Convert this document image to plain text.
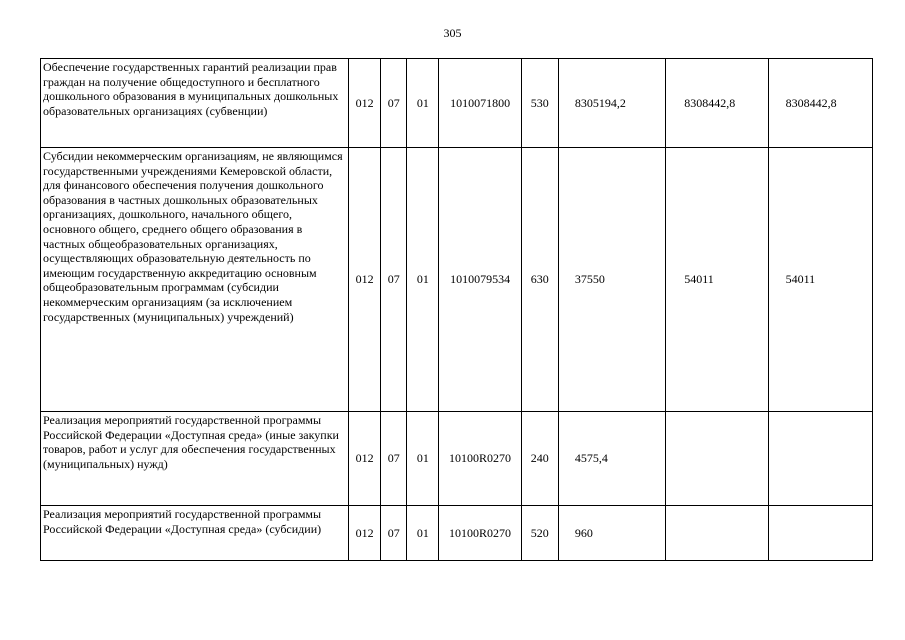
305
Обеспечение государственных гарантий реализации прав граждан на получение общедоступного и бесплатного дошкольного образования в муниципальных дошкольных образовательных организациях (субвенции)	012	07	01	1010071800	530	8305194,2	8308442,8	8308442,8
Субсидии некоммерческим организациям, не являющимся государственными учреждениями Кемеровской области, для финансового обеспечения получения дошкольного образования в частных дошкольных образовательных организациях, дошкольного, начального общего, основного общего, среднего общего образования в частных общеобразовательных организациях, осуществляющих образовательную деятельность по имеющим государственную аккредитацию основным общеобразовательным программам (субсидии некоммерческим организациям (за исключением государственных (муниципальных) учреждений)	012	07	01	1010079534	630	37550	54011	54011
Реализация мероприятий государственной программы Российской Федерации «Доступная среда» (иные закупки товаров, работ и услуг для обеспечения государственных (муниципальных) нужд)	012	07	01	10100R0270	240	4575,4		
Реализация мероприятий государственной программы Российской Федерации «Доступная среда» (субсидии)	012	07	01	10100R0270	520	960		
